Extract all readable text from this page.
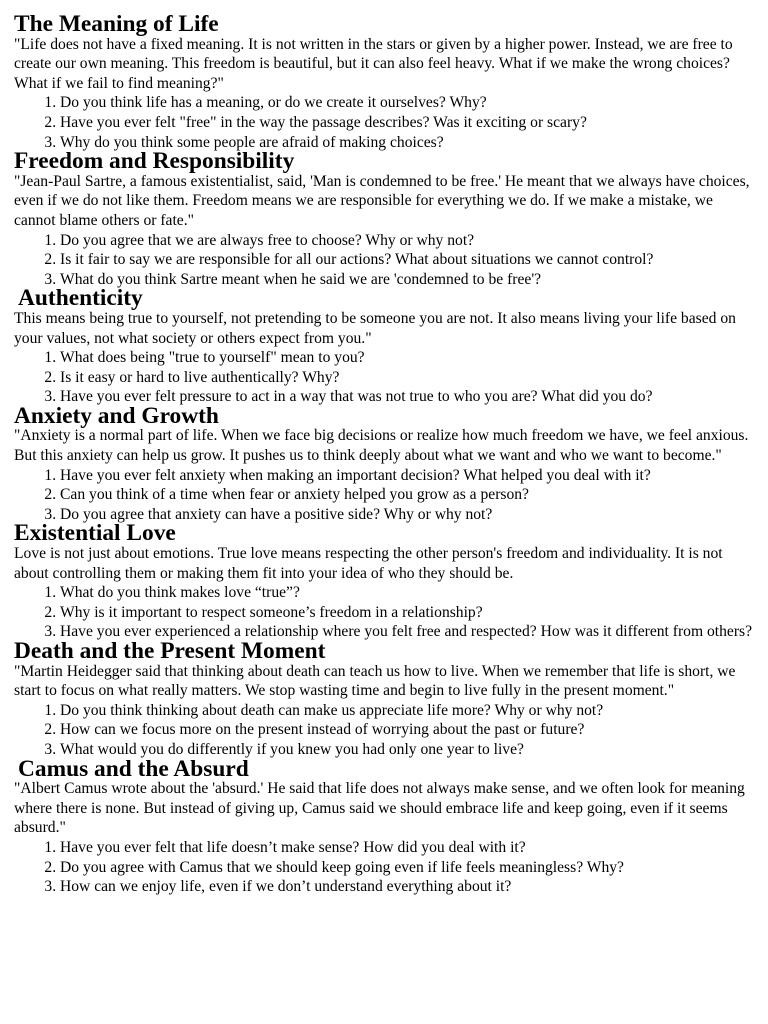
The Meaning of Life

"Life does not have a fixed meaning. It is not written in the stars or given by a higher power. Instead, we are free to create our own meaning. This freedom is beautiful, but it can also feel heavy. What if we make the wrong choices? What if we fail to find meaning?"

1. Do you think life has a meaning, or do we create it ourselves? Why?
2. Have you ever felt "free" in the way the passage describes? Was it exciting or scary?
3. Why do you think some people are afraid of making choices?
Freedom and Responsibility

"Jean-Paul Sartre, a famous existentialist, said, 'Man is condemned to be free.' He meant that we always have choices, even if we do not like them. Freedom means we are responsible for everything we do. If we make a mistake, we cannot blame others or fate."

1. Do you agree that we are always free to choose? Why or why not?
2. Is it fair to say we are responsible for all our actions? What about situations we cannot control?
3. What do you think Sartre meant when he said we are 'condemned to be free'?
Authenticity

This means being true to yourself, not pretending to be someone you are not. It also means living your life based on your values, not what society or others expect from you."

1. What does being "true to yourself" mean to you?
2. Is it easy or hard to live authentically? Why?
3. Have you ever felt pressure to act in a way that was not true to who you are? What did you do?
Anxiety and Growth

"Anxiety is a normal part of life. When we face big decisions or realize how much freedom we have, we feel anxious. But this anxiety can help us grow. It pushes us to think deeply about what we want and who we want to become."

1. Have you ever felt anxiety when making an important decision? What helped you deal with it?
2. Can you think of a time when fear or anxiety helped you grow as a person?
3. Do you agree that anxiety can have a positive side? Why or why not?
Existential Love

Love is not just about emotions. True love means respecting the other person's freedom and individuality. It is not about controlling them or making them fit into your idea of who they should be.

1. What do you think makes love “true”?
2. Why is it important to respect someone’s freedom in a relationship?
3. Have you ever experienced a relationship where you felt free and respected? How was it different from others?
Death and the Present Moment

"Martin Heidegger said that thinking about death can teach us how to live. When we remember that life is short, we start to focus on what really matters. We stop wasting time and begin to live fully in the present moment."

1. Do you think thinking about death can make us appreciate life more? Why or why not?
2. How can we focus more on the present instead of worrying about the past or future?
3. What would you do differently if you knew you had only one year to live?
Camus and the Absurd

"Albert Camus wrote about the 'absurd.' He said that life does not always make sense, and we often look for meaning where there is none. But instead of giving up, Camus said we should embrace life and keep going, even if it seems absurd."

1. Have you ever felt that life doesn’t make sense? How did you deal with it?
2. Do you agree with Camus that we should keep going even if life feels meaningless? Why?
3. How can we enjoy life, even if we don’t understand everything about it?
